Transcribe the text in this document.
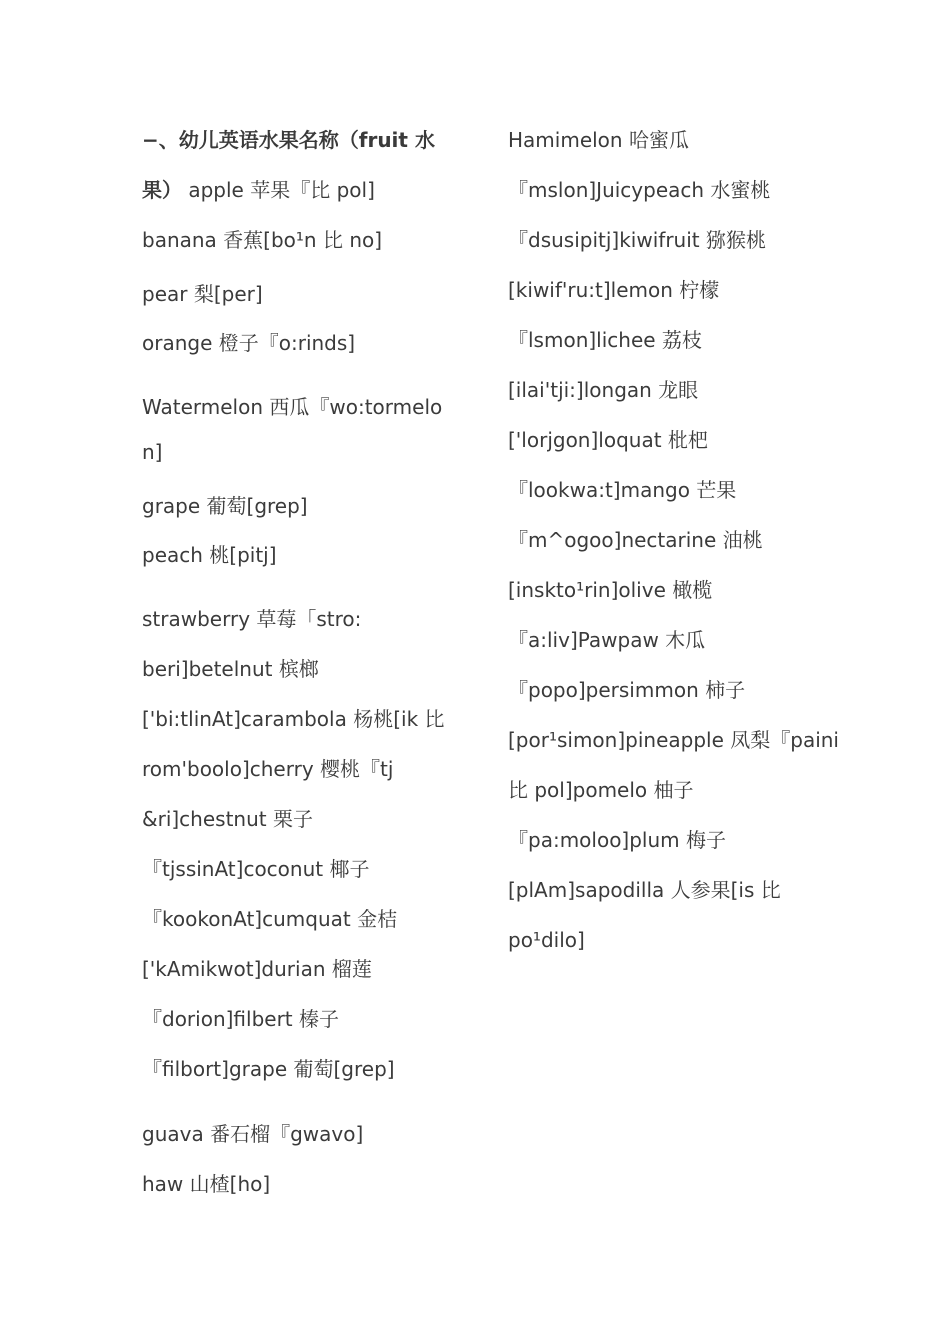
−、幼儿英语水果名称（fruit 水
果） apple 苹果『比 pol]
banana 香蕉[bo¹n 比 no]
pear 梨[per]
orange 橙子『o:rinds]
Watermelon 西瓜『wo:tormelo
n]
grape 葡萄[grep]
peach 桃[pitj]
strawberry 草莓「stro:
beri]betelnut 槟榔
['bi:tlinAt]carambola 杨桃[ik 比
rom'boolo]cherry 樱桃『tj
&ri]chestnut 栗子
『tjssinAt]coconut 椰子
『kookonAt]cumquat 金桔
['kAmikwot]durian 榴莲
『dorion]filbert 榛子
『filbort]grape 葡萄[grep]
guava 番石榴『gwavo]
haw 山楂[ho]
Hamimelon 哈蜜瓜
『mslon]Juicypeach 水蜜桃
『dsusipitj]kiwifruit 猕猴桃
[kiwif'ru:t]lemon 柠檬
『lsmon]lichee 荔枝
[ilai'tji:]longan 龙眼
['lorjgon]loquat 枇杷
『lookwa:t]mango 芒果
『m^ogoo]nectarine 油桃
[inskto¹rin]olive 橄榄
『a:liv]Pawpaw 木瓜
『popo]persimmon 柿子
[por¹simon]pineapple 凤梨『paini
比 pol]pomelo 柚子
『pa:moloo]plum 梅子
[plAm]sapodilla 人参果[is 比
po¹dilo]
